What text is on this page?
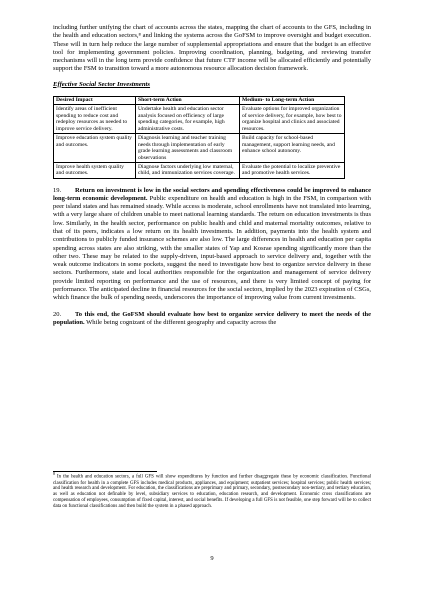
including further unifying the chart of accounts across the states, mapping the chart of accounts to the GFS, including in the health and education sectors,⁸ and linking the systems across the GoFSM to improve oversight and budget execution. These will in turn help reduce the large number of supplemental appropriations and ensure that the budget is an effective tool for implementing government policies. Improving coordination, planning, budgeting, and reviewing transfer mechanisms will in the long term provide confidence that future CTF income will be allocated efficiently and potentially support the FSM to transition toward a more autonomous resource allocation decision framework.

Effective Social Sector Investments

Desired Impact	Short-term Action	Medium- to Long-term Action
Identify areas of inefficient spending to reduce cost and redeploy resources as needed to improve service delivery.	Undertake health and education sector analysis focused on efficiency of large spending categories, for example, high administrative costs.	Evaluate options for improved organization of service delivery, for example, how best to organize hospital and clinics and associated resources.
Improve education system quality and outcomes.	Diagnosis learning and teacher training needs through implementation of early grade learning assessments and classroom observations	Build capacity for school-based management, support learning needs, and enhance school autonomy.
Improve health system quality and outcomes.	Diagnose factors underlying low maternal, child, and immunization services coverage.	Evaluate the potential to localize preventive and promotive health services.

19. Return on investment is low in the social sectors and spending effectiveness could be improved to enhance long-term economic development. Public expenditure on health and education is high in the FSM, in comparison with peer island states and has remained steady. While access is moderate, school enrollments have not translated into learning, with a very large share of children unable to meet national learning standards. The return on education investments is thus low. Similarly, in the health sector, performance on public health and child and maternal mortality outcomes, relative to that of its peers, indicates a low return on its health investments. In addition, payments into the health system and contributions to publicly funded insurance schemes are also low. The large differences in health and education per capita spending across states are also striking, with the smaller states of Yap and Kosrae spending significantly more than the other two. These may be related to the supply-driven, input-based approach to service delivery and, together with the weak outcome indicators in some pockets, suggest the need to investigate how best to organize service delivery in these sectors. Furthermore, state and local authorities responsible for the organization and management of service delivery provide limited reporting on performance and the use of resources, and there is very limited concept of paying for performance. The anticipated decline in financial resources for the social sectors, implied by the 2023 expiration of CSGs, which finance the bulk of spending needs, underscores the importance of improving value from current investments.

20. To this end, the GoFSM should evaluate how best to organize service delivery to meet the needs of the population. While being cognizant of the different geography and capacity across the

$^8$ In the health and education sectors, a full GFS will show expenditures by function and further disaggregate these by economic classification. Functional classification for health in a complete GFS includes medical products, appliances, and equipment; outpatient services; hospital services; public health services; and health research and development. For education, the classifications are preprimary and primary, secondary, postsecondary non-tertiary, and tertiary education, as well as education not definable by level, subsidiary services to education, education research, and development. Economic cross classifications are compensation of employees, consumption of fixed capital, interest, and social benefits. If developing a full GFS is not feasible, one step forward will be to collect data on functional classifications and then build the system in a phased approach.

9
